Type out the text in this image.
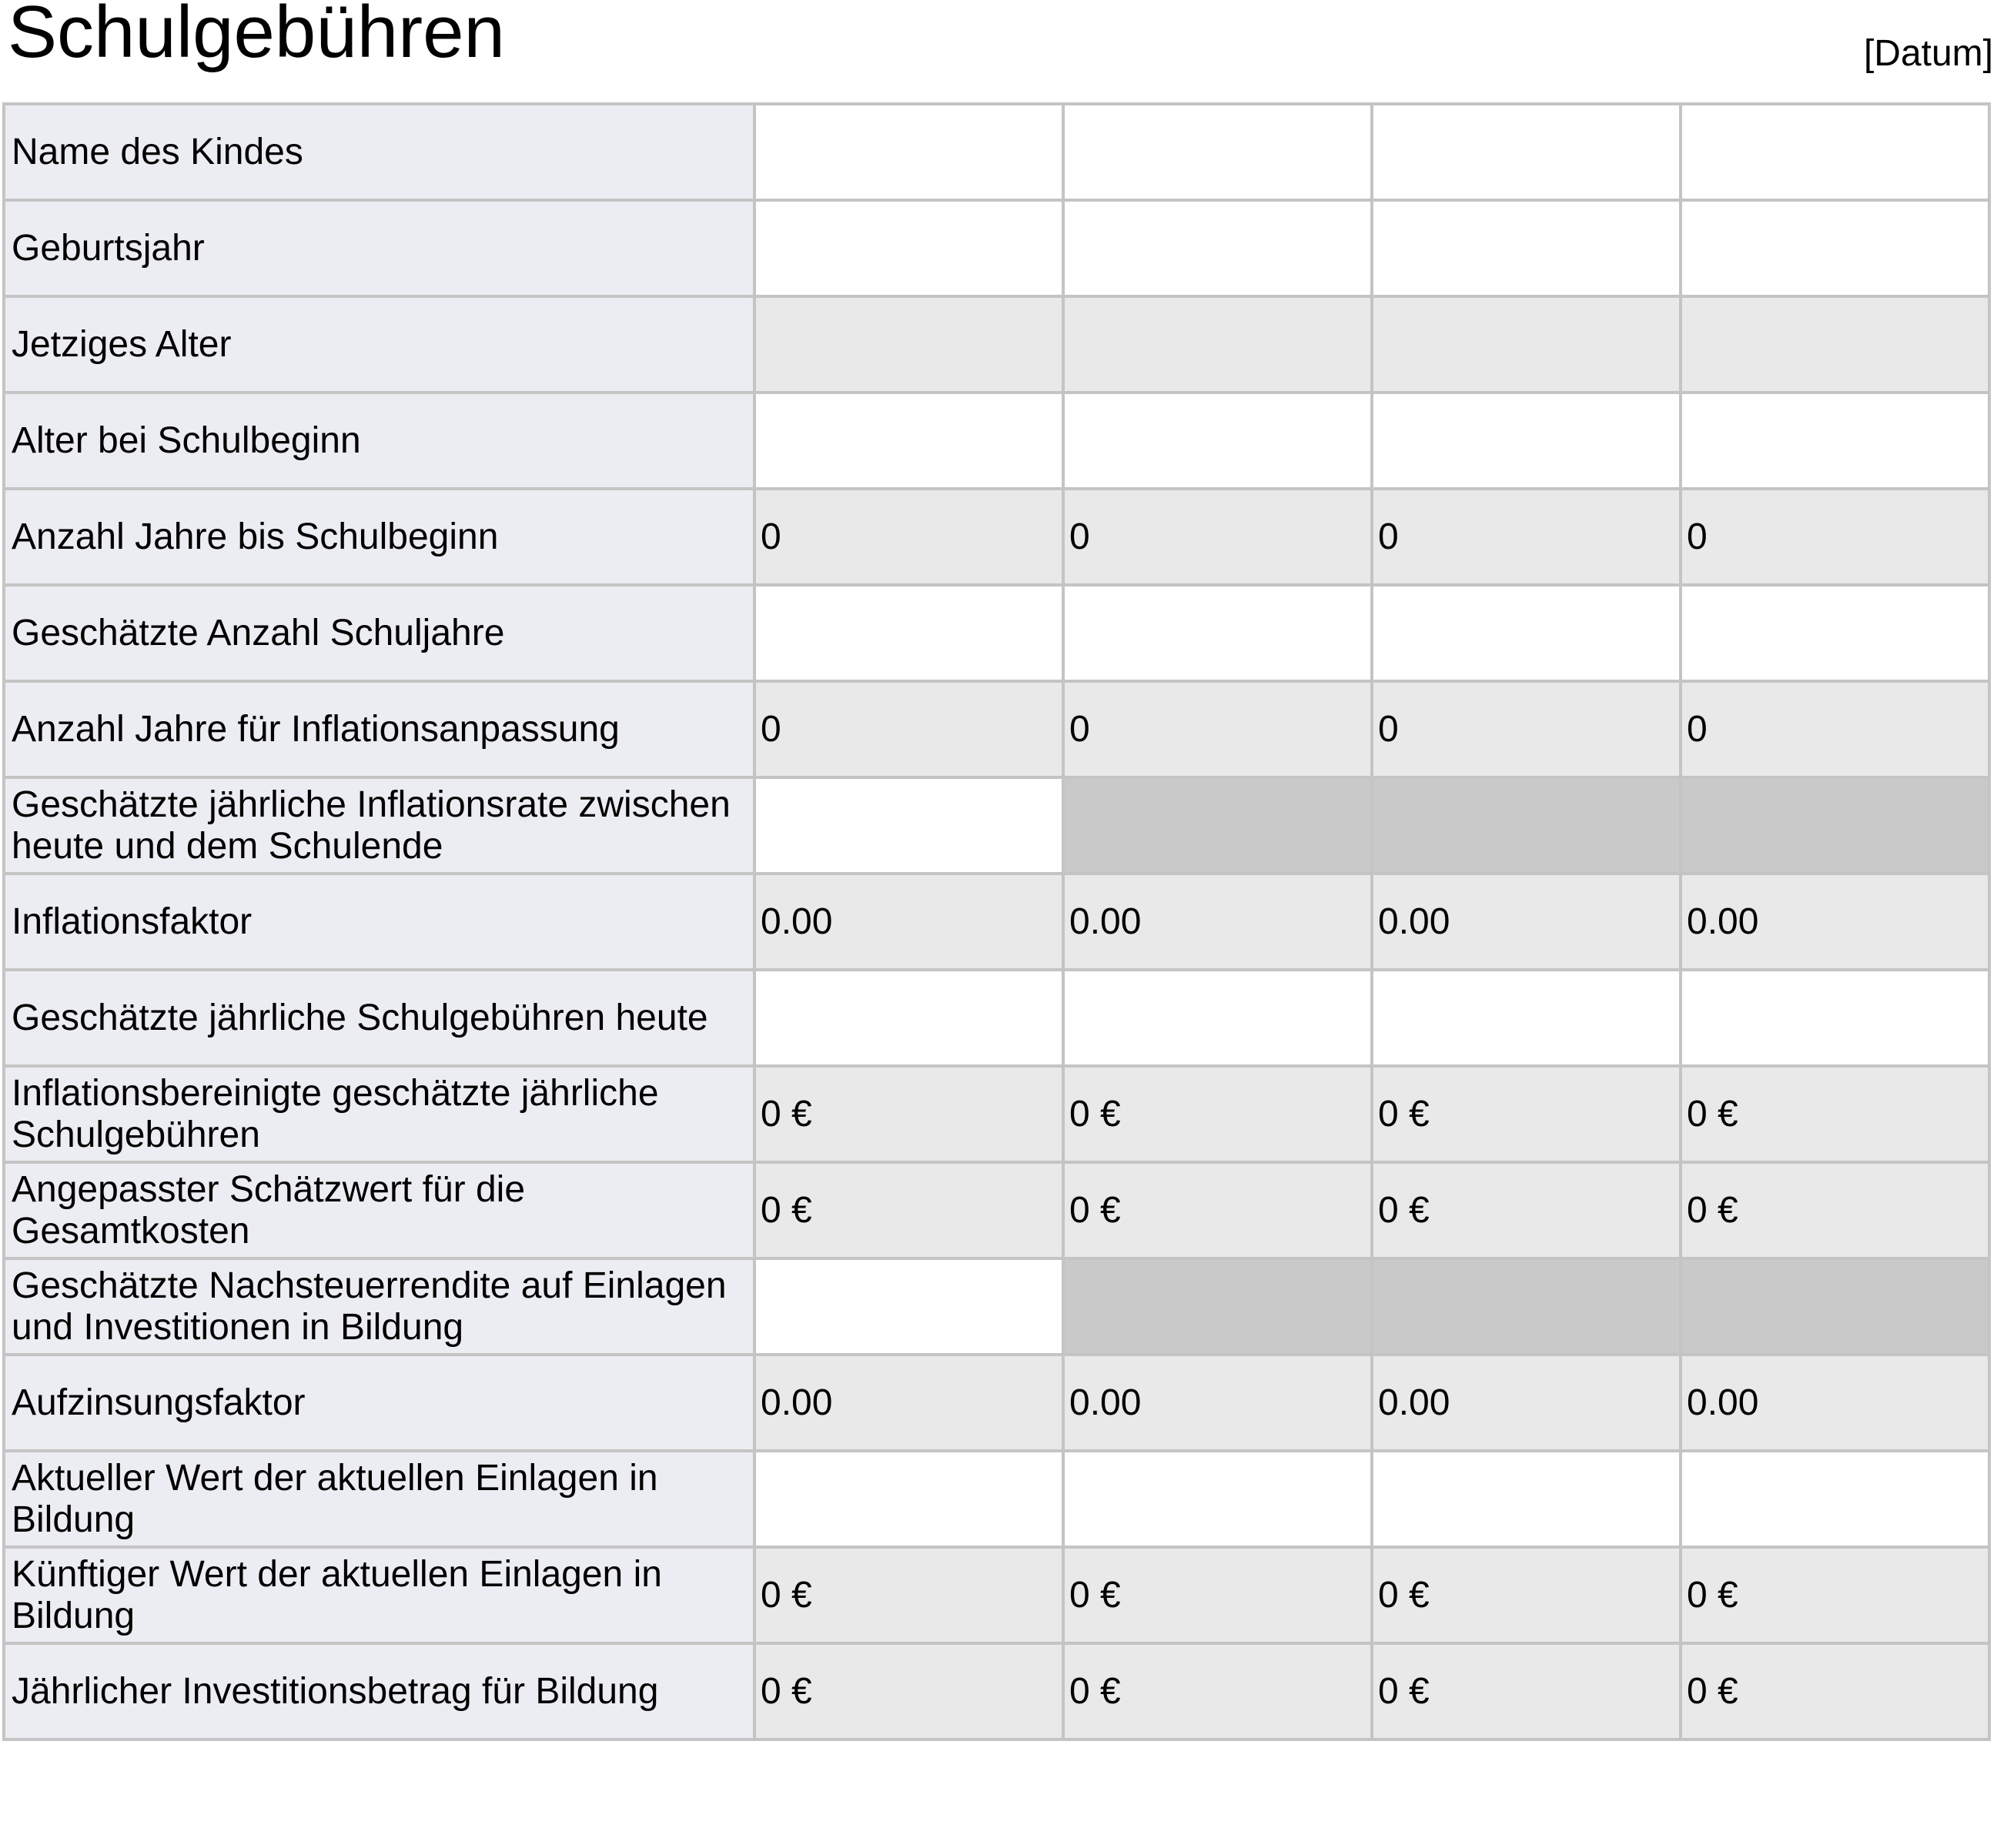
Schulgebühren	[Datum]
Name des Kindes				
Geburtsjahr				
Jetziges Alter				
Alter bei Schulbeginn				
Anzahl Jahre bis Schulbeginn	0	0	0	0
Geschätzte Anzahl Schuljahre				
Anzahl Jahre für Inflationsanpassung	0	0	0	0
Geschätzte jährliche Inflationsrate zwischen heute und dem Schulende				
Inflationsfaktor	0.00	0.00	0.00	0.00
Geschätzte jährliche Schulgebühren heute				
Inflationsbereinigte geschätzte jährliche Schulgebühren	0 €	0 €	0 €	0 €
Angepasster Schätzwert für die Gesamtkosten	0 €	0 €	0 €	0 €
Geschätzte Nachsteuerrendite auf Einlagen und Investitionen in Bildung				
Aufzinsungsfaktor	0.00	0.00	0.00	0.00
Aktueller Wert der aktuellen Einlagen in Bildung				
Künftiger Wert der aktuellen Einlagen in Bildung	0 €	0 €	0 €	0 €
Jährlicher Investitionsbetrag für Bildung	0 €	0 €	0 €	0 €
